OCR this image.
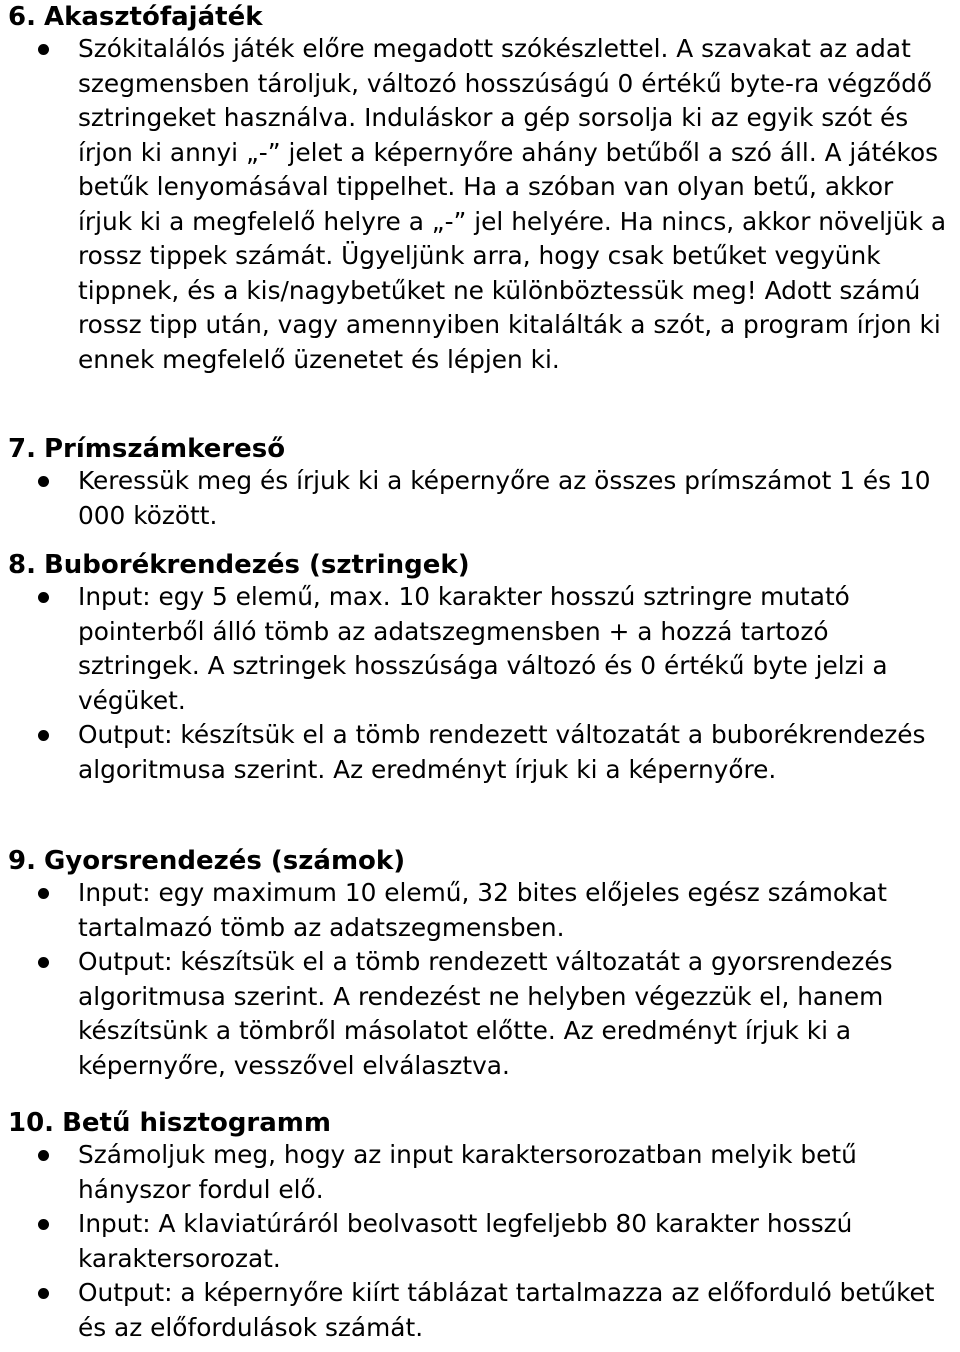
6. Akasztófajáték
Szókitalálós játék előre megadott szókészlettel. A szavakat az adat szegmensben tároljuk, változó hosszúságú 0 értékű byte-ra végződő sztringeket használva. Induláskor a gép sorsolja ki az egyik szót és írjon ki annyi „-” jelet a képernyőre ahány betűből a szó áll. A játékos betűk lenyomásával tippelhet. Ha a szóban van olyan betű, akkor írjuk ki a megfelelő helyre a „-” jel helyére. Ha nincs, akkor növeljük a rossz tippek számát. Ügyeljünk arra, hogy csak betűket vegyünk tippnek, és a kis/nagybetűket ne különböztessük meg! Adott számú rossz tipp után, vagy amennyiben kitalálták a szót, a program írjon ki ennek megfelelő üzenetet és lépjen ki.
7. Prímszámkereső
Keressük meg és írjuk ki a képernyőre az összes prímszámot 1 és 10 000 között.
8. Buborékrendezés (sztringek)
Input: egy 5 elemű, max. 10 karakter hosszú sztringre mutató pointerből álló tömb az adatszegmensben + a hozzá tartozó sztringek. A sztringek hosszúsága változó és 0 értékű byte jelzi a végüket.
Output: készítsük el a tömb rendezett változatát a buborékrendezés algoritmusa szerint. Az eredményt írjuk ki a képernyőre.
9. Gyorsrendezés (számok)
Input: egy maximum 10 elemű, 32 bites előjeles egész számokat tartalmazó tömb az adatszegmensben.
Output: készítsük el a tömb rendezett változatát a gyorsrendezés algoritmusa szerint. A rendezést ne helyben végezzük el, hanem készítsünk a tömbről másolatot előtte. Az eredményt írjuk ki a képernyőre, vesszővel elválasztva.
10. Betű hisztogramm
Számoljuk meg, hogy az input karaktersorozatban melyik betű hányszor fordul elő.
Input: A klaviatúráról beolvasott legfeljebb 80 karakter hosszú karaktersorozat.
Output: a képernyőre kiírt táblázat tartalmazza az előforduló betűket és az előfordulások számát.
